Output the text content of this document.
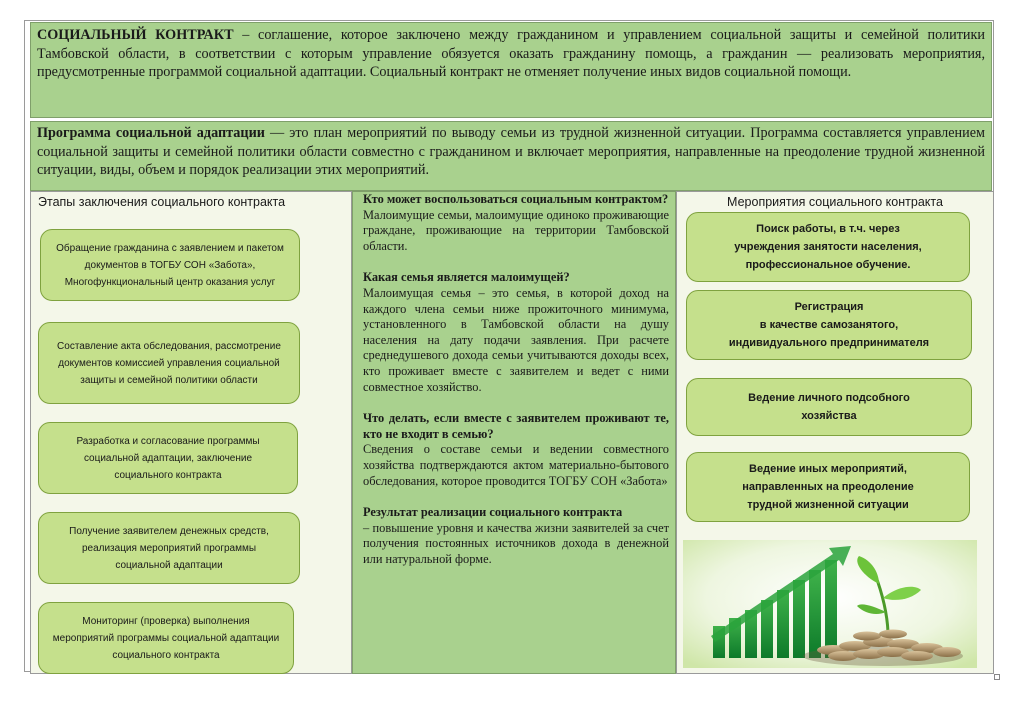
СОЦИАЛЬНЫЙ КОНТРАКТ – соглашение, которое заключено между гражданином и управлением социальной защиты и семейной политики Тамбовской области, в соответствии с которым управление обязуется оказать гражданину помощь, а гражданин — реализовать мероприятия, предусмотренные программой социальной адаптации. Социальный контракт не отменяет получение иных видов социальной помощи.
Программа социальной адаптации — это план мероприятий по выводу семьи из трудной жизненной ситуации. Программа составляется управлением социальной защиты и семейной политики области совместно с гражданином и включает мероприятия, направленные на преодоление трудной жизненной ситуации, виды, объем и порядок реализации этих мероприятий.
Этапы заключения социального контракта
Обращение гражданина с заявлением и пакетом
документов в ТОГБУ СОН «Забота»,
Многофункциональный центр оказания услуг
Составление акта обследования, рассмотрение
документов комиссией управления социальной
защиты и семейной политики области
Разработка и согласование программы
социальной адаптации, заключение
социального контракта
Получение заявителем денежных средств,
реализация мероприятий программы
социальной адаптации
Мониторинг (проверка) выполнения
мероприятий программы социальной адаптации
социального контракта

Кто может воспользоваться социальным контрактом?

Малоимущие семьи, малоимущие одиноко проживающие граждане, проживающие на территории Тамбовской области.

Какая семья является малоимущей?

Малоимущая семья – это семья, в которой доход на каждого члена семьи ниже прожиточного минимума, установленного в Тамбовской области на душу населения на дату подачи заявления. При расчете среднедушевого дохода семьи учитываются доходы всех, кто проживает вместе с заявителем и ведет с ними совместное хозяйство.

Что делать, если вместе с заявителем проживают те, кто не входит в семью?

Сведения о составе семьи и ведении совместного хозяйства подтверждаются актом материально-бытового обследования, которое проводится ТОГБУ СОН «Забота»

Результат реализации социального контракта

– повышение уровня и качества жизни заявителей за счет получения постоянных источников дохода в денежной или натуральной форме.

Мероприятия социального контракта
Поиск работы, в т.ч. через
учреждения занятости населения,
профессиональное обучение.
Регистрация
в качестве самозанятого,
индивидуального предпринимателя
Ведение личного подсобного
хозяйства
Ведение иных мероприятий,
направленных на преодоление
трудной жизненной ситуации
